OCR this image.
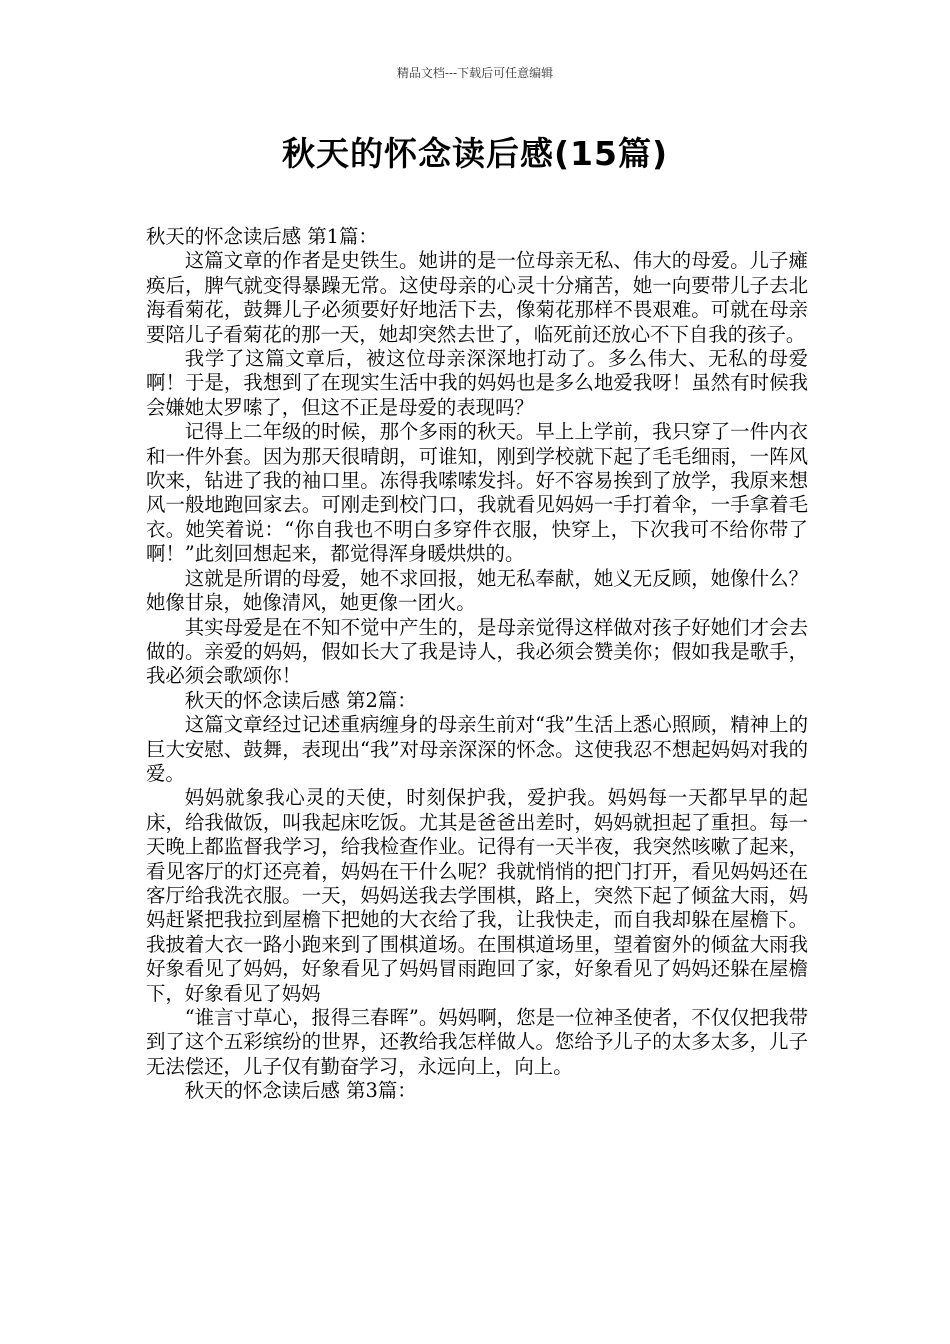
精品文档---下载后可任意编辑
秋天的怀念读后感(15篇)

秋天的怀念读后感 第1篇：

这篇文章的作者是史铁生。她讲的是一位母亲无私、伟大的母爱。儿子瘫痪后，脾气就变得暴躁无常。这使母亲的心灵十分痛苦，她一向要带儿子去北海看菊花，鼓舞儿子必须要好好地活下去，像菊花那样不畏艰难。可就在母亲要陪儿子看菊花的那一天，她却突然去世了，临死前还放心不下自我的孩子。

我学了这篇文章后，被这位母亲深深地打动了。多么伟大、无私的母爱啊！于是，我想到了在现实生活中我的妈妈也是多么地爱我呀！虽然有时候我会嫌她太罗嗦了，但这不正是母爱的表现吗？

记得上二年级的时候，那个多雨的秋天。早上上学前，我只穿了一件内衣和一件外套。因为那天很晴朗，可谁知，刚到学校就下起了毛毛细雨，一阵风吹来，钻进了我的袖口里。冻得我嗦嗦发抖。好不容易挨到了放学，我原来想风一般地跑回家去。可刚走到校门口，我就看见妈妈一手打着伞，一手拿着毛衣。她笑着说：“你自我也不明白多穿件衣服，快穿上，下次我可不给你带了啊！”此刻回想起来，都觉得浑身暖烘烘的。

这就是所谓的母爱，她不求回报，她无私奉献，她义无反顾，她像什么？她像甘泉，她像清风，她更像一团火。

其实母爱是在不知不觉中产生的，是母亲觉得这样做对孩子好她们才会去做的。亲爱的妈妈，假如长大了我是诗人，我必须会赞美你；假如我是歌手，我必须会歌颂你！

秋天的怀念读后感 第2篇：

这篇文章经过记述重病缠身的母亲生前对“我”生活上悉心照顾，精神上的巨大安慰、鼓舞，表现出“我”对母亲深深的怀念。这使我忍不想起妈妈对我的爱。

妈妈就象我心灵的天使，时刻保护我，爱护我。妈妈每一天都早早的起床，给我做饭，叫我起床吃饭。尤其是爸爸出差时，妈妈就担起了重担。每一天晚上都监督我学习，给我检查作业。记得有一天半夜，我突然咳嗽了起来，看见客厅的灯还亮着，妈妈在干什么呢？我就悄悄的把门打开，看见妈妈还在客厅给我洗衣服。一天，妈妈送我去学围棋，路上，突然下起了倾盆大雨，妈妈赶紧把我拉到屋檐下把她的大衣给了我，让我快走，而自我却躲在屋檐下。我披着大衣一路小跑来到了围棋道场。在围棋道场里，望着窗外的倾盆大雨我好象看见了妈妈，好象看见了妈妈冒雨跑回了家，好象看见了妈妈还躲在屋檐下，好象看见了妈妈

“谁言寸草心，报得三春晖”。妈妈啊，您是一位神圣使者，不仅仅把我带到了这个五彩缤纷的世界，还教给我怎样做人。您给予儿子的太多太多，儿子无法偿还，儿子仅有勤奋学习，永远向上，向上。

秋天的怀念读后感 第3篇：
